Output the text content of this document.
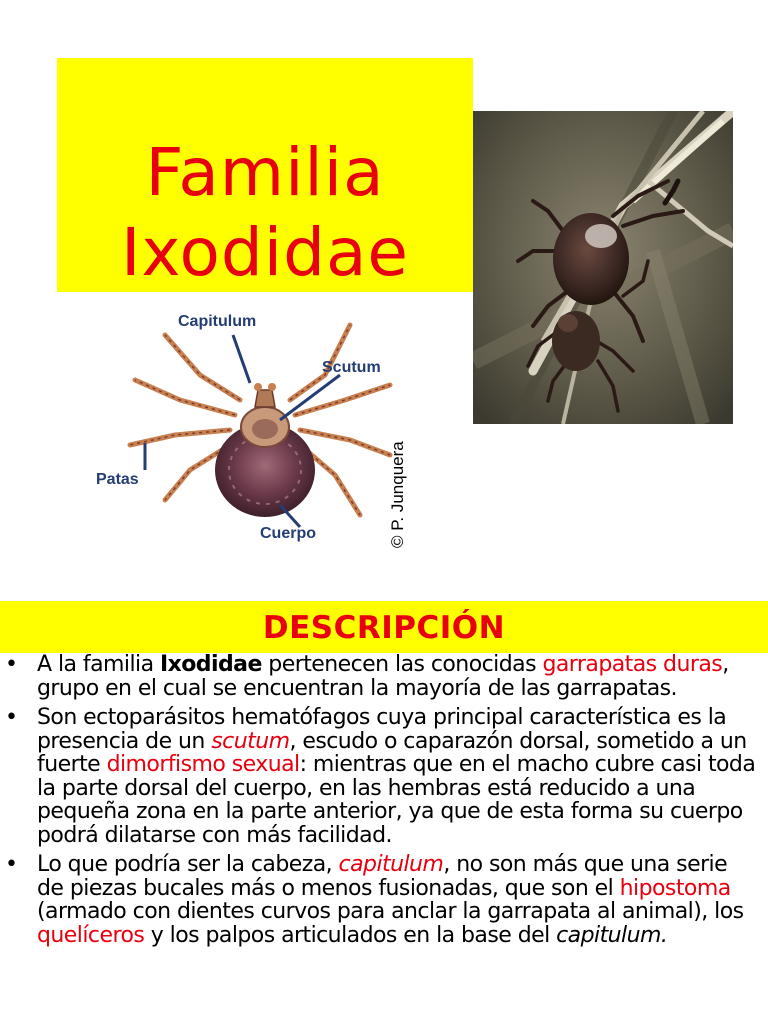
Familia
Ixodidae
Capitulum
Scutum
Patas
Cuerpo	© P. Junquera
DESCRIPCIÓN
• A la familia Ixodidae pertenecen las conocidas garrapatas duras, grupo en el cual se encuentran la mayoría de las garrapatas.
• Son ectoparásitos hematófagos cuya principal característica es la presencia de un scutum, escudo o caparazón dorsal, sometido a un fuerte dimorfismo sexual: mientras que en el macho cubre casi toda la parte dorsal del cuerpo, en las hembras está reducido a una pequeña zona en la parte anterior, ya que de esta forma su cuerpo podrá dilatarse con más facilidad.
• Lo que podría ser la cabeza, capitulum, no son más que una serie de piezas bucales más o menos fusionadas, que son el hipostoma (armado con dientes curvos para anclar la garrapata al animal), los quelíceros y los palpos articulados en la base del capitulum.
